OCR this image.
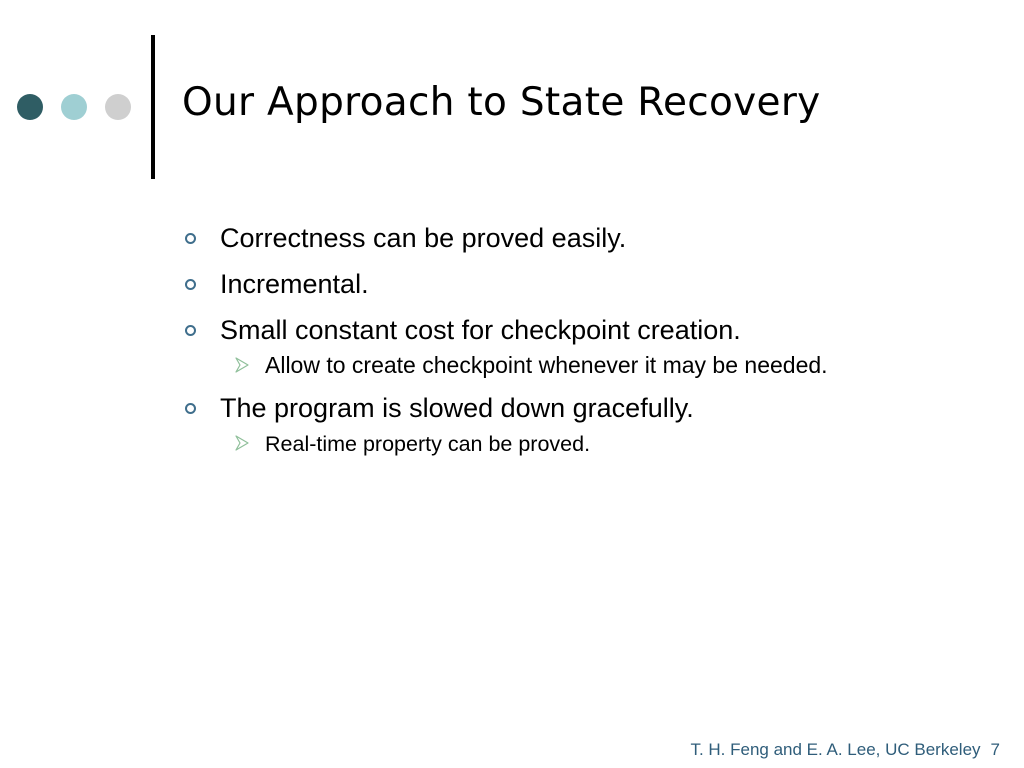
Our Approach to State Recovery
Correctness can be proved easily.
Incremental.
Small constant cost for checkpoint creation.
Allow to create checkpoint whenever it may be needed.
The program is slowed down gracefully.
Real-time property can be proved.
T. H. Feng and E. A. Lee, UC Berkeley 7
